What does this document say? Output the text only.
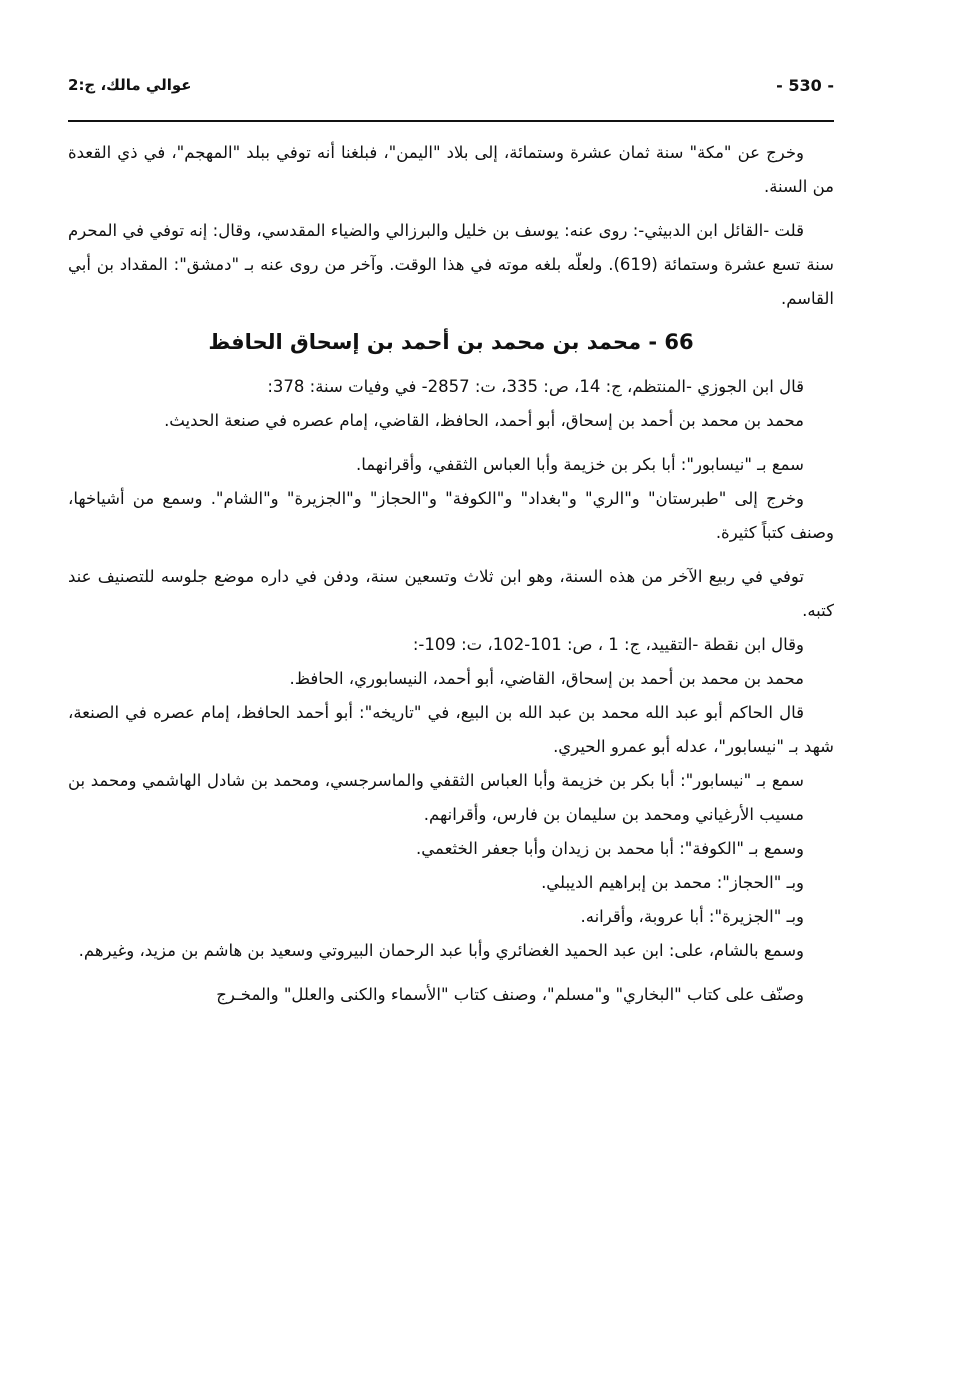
عوالي مالك، ج:2	- 530 -

وخرج عن "مكة" سنة ثمان عشرة وستمائة، إلى بلاد "اليمن"، فبلغنا أنه توفي ببلد "المهجم"، في ذي القعدة من السنة.

قلت -القائل ابن الدبيثي-: روى عنه: يوسف بن خليل والبرزالي والضياء المقدسي، وقال: إنه توفي في المحرم سنة تسع عشرة وستمائة (619). ولعلّه بلغه موته في هذا الوقت. وآخر من روى عنه بـ "دمشق": المقداد بن أبي القاسم.

66 - محمد بن محمد بن أحمد بن إسحاق الحافظ

قال ابن الجوزي -المنتظم، ج: 14، ص: 335، ت: 2857- في وفيات سنة: 378:

محمد بن محمد بن أحمد بن إسحاق، أبو أحمد، الحافظ، القاضي، إمام عصره في صنعة الحديث.

سمع بـ "نيسابور": أبا بكر بن خزيمة وأبا العباس الثقفي، وأقرانهما.

وخرج إلى "طبرستان" و"الري" و"بغداد" و"الكوفة" و"الحجاز" و"الجزيرة" و"الشام". وسمع من أشياخها، وصنف كتباً كثيرة.

توفي في ربيع الآخر من هذه السنة، وهو ابن ثلاث وتسعين سنة، ودفن في داره موضع جلوسه للتصنيف عند كتبه.

وقال ابن نقطة -التقييد، ج: 1 ، ص: 101-102، ت: 109-:

محمد بن محمد بن أحمد بن إسحاق، القاضي، أبو أحمد، النيسابوري، الحافظ.

قال الحاكم أبو عبد الله محمد بن عبد الله بن البيع، في "تاريخه": أبو أحمد الحافظ، إمام عصره في الصنعة، شهد بـ "نيسابور"، عدله أبو عمرو الحيري.

سمع بـ "نيسابور": أبا بكر بن خزيمة وأبا العباس الثقفي والماسرجسي، ومحمد بن شادل الهاشمي ومحمد بن مسيب الأرغياني ومحمد بن سليمان بن فارس، وأقرانهم.

وسمع بـ "الكوفة": أبا محمد بن زيدان وأبا جعفر الخثعمي.

وبـ "الحجاز": محمد بن إبراهيم الديبلي.

وبـ "الجزيرة": أبا عروبة، وأقرانه.

وسمع بالشام، على: ابن عبد الحميد الغضائري وأبا عبد الرحمان البيروتي وسعيد بن هاشم بن مزيد، وغيرهم.

وصنّف على كتاب "البخاري" و"مسلم"، وصنف كتاب "الأسماء والكنى والعلل" والمخـرج
